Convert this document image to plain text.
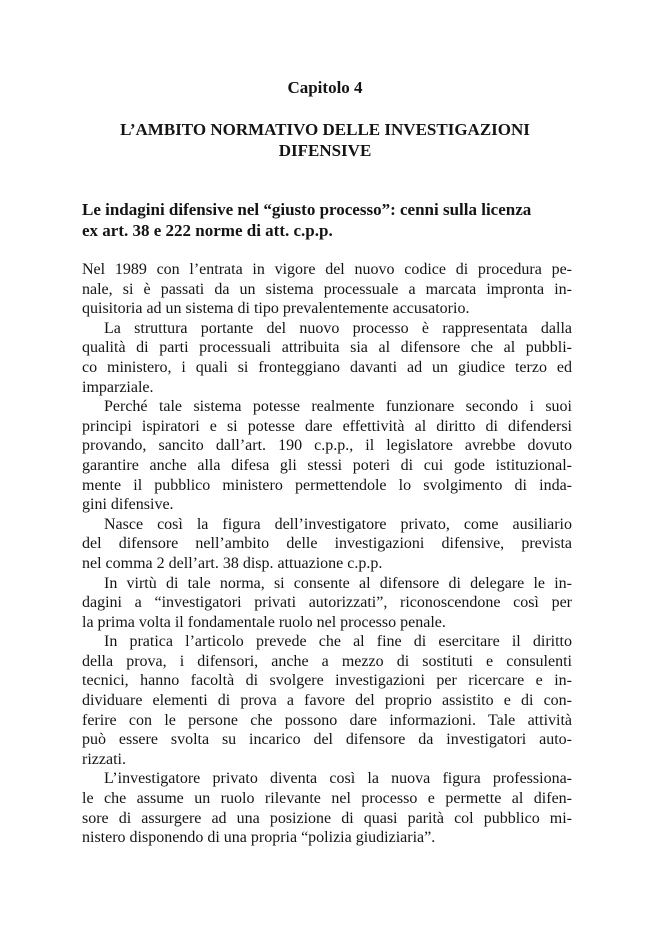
Capitolo 4
L’AMBITO NORMATIVO DELLE INVESTIGAZIONI
DIFENSIVE
Le indagini difensive nel “giusto processo”: cenni sulla licenza
ex art. 38 e 222 norme di att. c.p.p.
Nel 1989 con l’entrata in vigore del nuovo codice di procedura pe-
nale, si è passati da un sistema processuale a marcata impronta in-
quisitoria ad un sistema di tipo prevalentemente accusatorio.
La struttura portante del nuovo processo è rappresentata dalla
qualità di parti processuali attribuita sia al difensore che al pubbli-
co ministero, i quali si fronteggiano davanti ad un giudice terzo ed
imparziale.
Perché tale sistema potesse realmente funzionare secondo i suoi
principi ispiratori e si potesse dare effettività al diritto di difendersi
provando, sancito dall’art. 190 c.p.p., il legislatore avrebbe dovuto
garantire anche alla difesa gli stessi poteri di cui gode istituzional-
mente il pubblico ministero permettendole lo svolgimento di inda-
gini difensive.
Nasce così la figura dell’investigatore privato, come ausiliario
del difensore nell’ambito delle investigazioni difensive, prevista
nel comma 2 dell’art. 38 disp. attuazione c.p.p.
In virtù di tale norma, si consente al difensore di delegare le in-
dagini a “investigatori privati autorizzati”, riconoscendone così per
la prima volta il fondamentale ruolo nel processo penale.
In pratica l’articolo prevede che al fine di esercitare il diritto
della prova, i difensori, anche a mezzo di sostituti e consulenti
tecnici, hanno facoltà di svolgere investigazioni per ricercare e in-
dividuare elementi di prova a favore del proprio assistito e di con-
ferire con le persone che possono dare informazioni. Tale attività
può essere svolta su incarico del difensore da investigatori auto-
rizzati.
L’investigatore privato diventa così la nuova figura professiona-
le che assume un ruolo rilevante nel processo e permette al difen-
sore di assurgere ad una posizione di quasi parità col pubblico mi-
nistero disponendo di una propria “polizia giudiziaria”.
